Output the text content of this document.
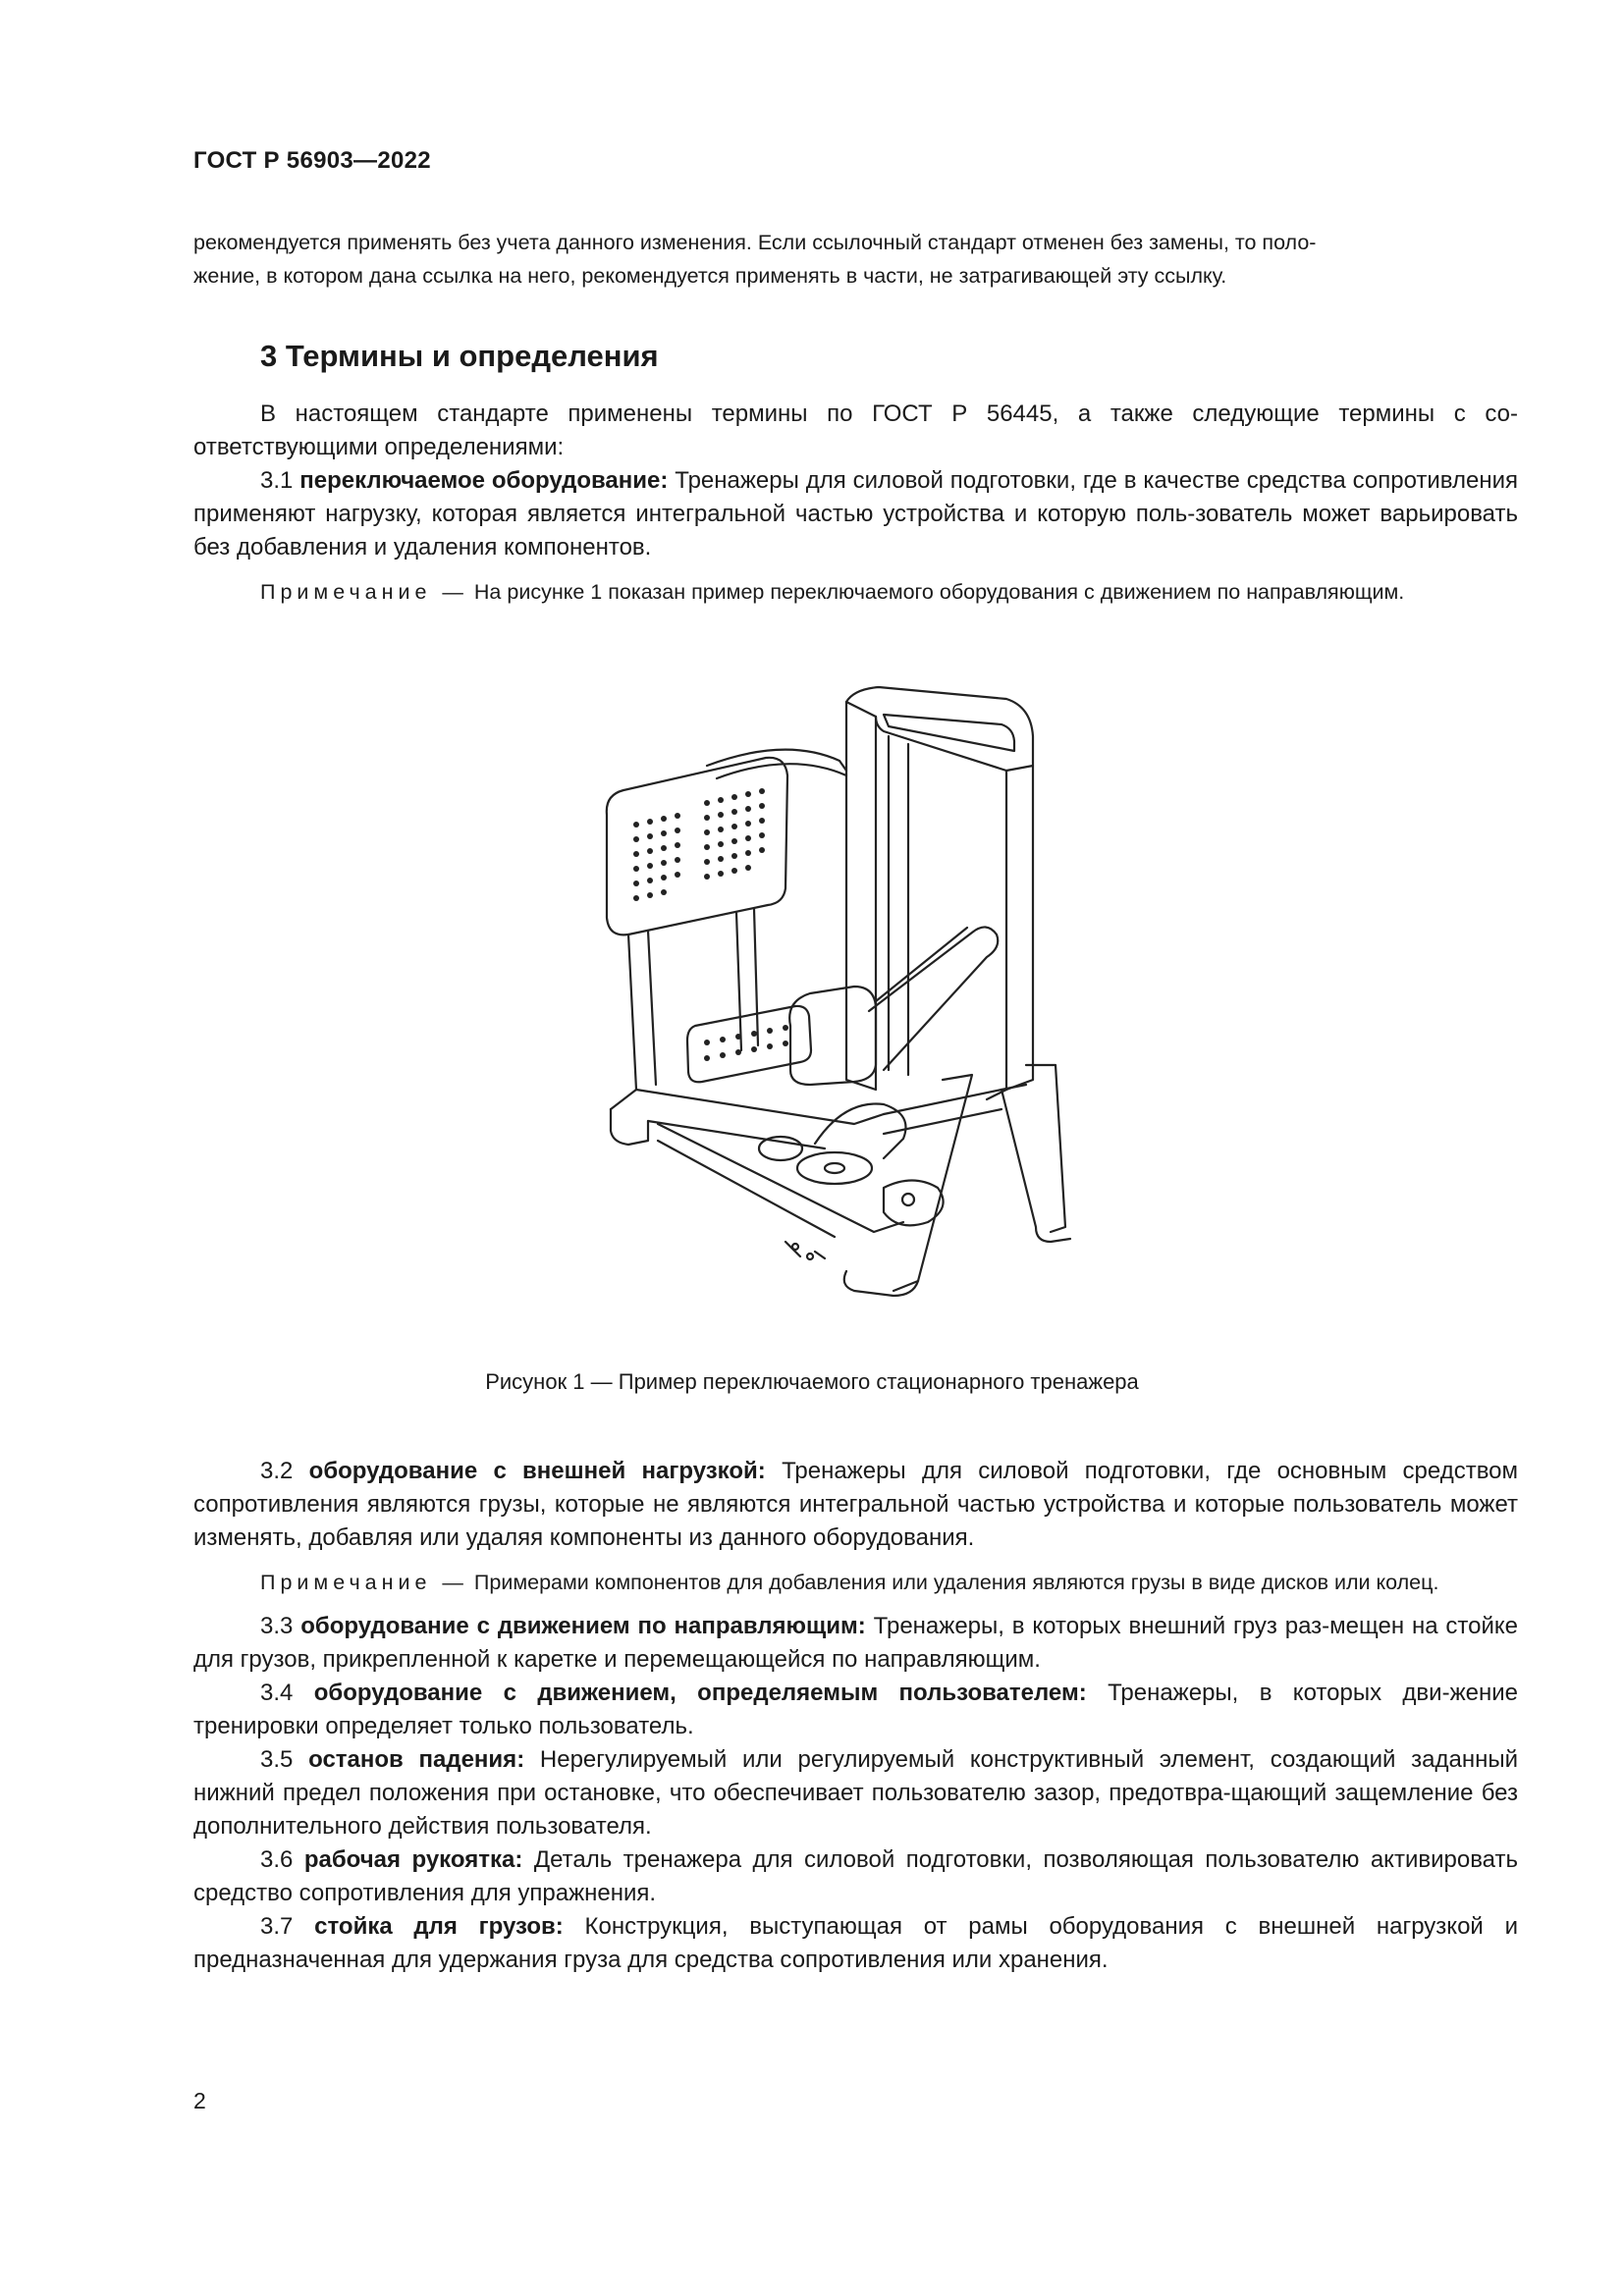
ГОСТ Р 56903—2022
рекомендуется применять без учета данного изменения. Если ссылочный стандарт отменен без замены, то поло-
жение, в котором дана ссылка на него, рекомендуется применять в части, не затрагивающей эту ссылку.
3 Термины и определения

В настоящем стандарте применены термины по ГОСТ Р 56445, а также следующие термины с со-ответствующими определениями:

3.1 переключаемое оборудование: Тренажеры для силовой подготовки, где в качестве средства сопротивления применяют нагрузку, которая является интегральной частью устройства и которую поль-зователь может варьировать без добавления и удаления компонентов.

Примечание — На рисунке 1 показан пример переключаемого оборудования с движением по направляющим.

Рисунок 1 — Пример переключаемого стационарного тренажера

3.2 оборудование с внешней нагрузкой: Тренажеры для силовой подготовки, где основным средством сопротивления являются грузы, которые не являются интегральной частью устройства и которые пользователь может изменять, добавляя или удаляя компоненты из данного оборудования.

Примечание — Примерами компонентов для добавления или удаления являются грузы в виде дисков или колец.

3.3 оборудование с движением по направляющим: Тренажеры, в которых внешний груз раз-мещен на стойке для грузов, прикрепленной к каретке и перемещающейся по направляющим.

3.4 оборудование с движением, определяемым пользователем: Тренажеры, в которых дви-жение тренировки определяет только пользователь.

3.5 останов падения: Нерегулируемый или регулируемый конструктивный элемент, создающий заданный нижний предел положения при остановке, что обеспечивает пользователю зазор, предотвра-щающий защемление без дополнительного действия пользователя.

3.6 рабочая рукоятка: Деталь тренажера для силовой подготовки, позволяющая пользователю активировать средство сопротивления для упражнения.

3.7 стойка для грузов: Конструкция, выступающая от рамы оборудования с внешней нагрузкой и предназначенная для удержания груза для средства сопротивления или хранения.

2
